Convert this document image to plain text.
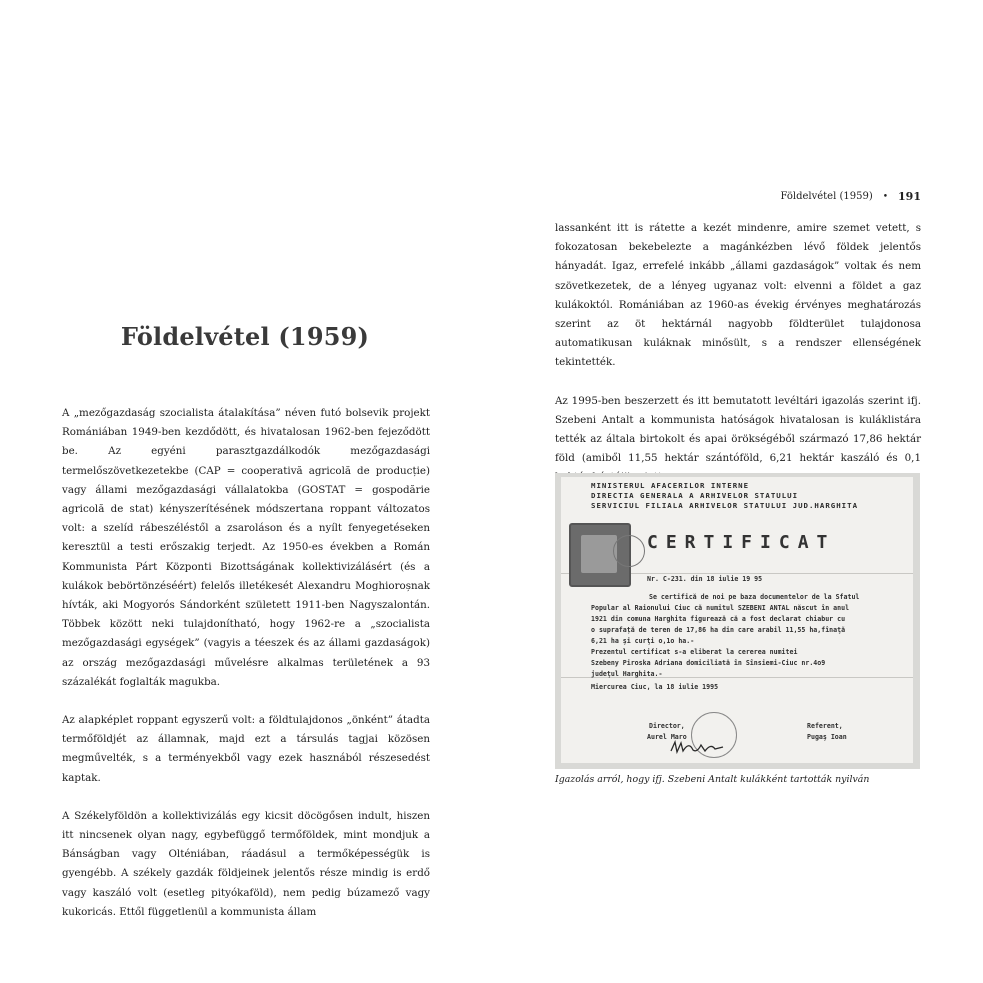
Földelvétel (1959) • 191
Földelvétel (1959)

A „mezőgazdaság szocialista átalakítása” néven futó bolsevik projekt Romániában 1949-ben kezdődött, és hivatalosan 1962-ben fejeződött be. Az egyéni parasztgazdálkodók mezőgazdasági termelőszövetkezetekbe (CAP = cooperativă agricolă de producție) vagy állami mezőgazdasági vállalatokba (GOSTAT = gospodărie agricolă de stat) kényszerítésének módszertana roppant változatos volt: a szelíd rábeszéléstől a zsaroláson és a nyílt fenyegetéseken keresztül a testi erőszakig terjedt. Az 1950-es években a Román Kommunista Párt Központi Bizottságának kollektivizálásért (és a kulákok bebörtönzéséért) felelős illetékesét Alexandru Moghioroșnak hívták, aki Mogyorós Sándorként született 1911-ben Nagyszalontán. Többek között neki tulajdonítható, hogy 1962-re a „szocialista mezőgazdasági egységek” (vagyis a téeszek és az állami gazdaságok) az ország mezőgazdasági művelésre alkalmas területének a 93 százalékát foglalták magukba.

Az alapképlet roppant egyszerű volt: a földtulajdonos „önként” átadta termőföldjét az államnak, majd ezt a társulás tagjai közösen megművelték, s a terményekből vagy ezek hasznából részesedést kaptak.

A Székelyföldön a kollektivizálás egy kicsit döcögősen indult, hiszen itt nincsenek olyan nagy, egybefüggő termőföldek, mint mondjuk a Bánságban vagy Olténiában, ráadásul a termőképességük is gyengébb. A székely gazdák földjeinek jelentős része mindig is erdő vagy kaszáló volt (esetleg pityókaföld), nem pedig búzamező vagy kukoricás. Ettől függetlenül a kommunista állam

lassanként itt is rátette a kezét mindenre, amire szemet vetett, s fokozatosan bekebelezte a magánkézben lévő földek jelentős hányadát. Igaz, errefelé inkább „állami gazdaságok” voltak és nem szövetkezetek, de a lényeg ugyanaz volt: elvenni a földet a gaz kulákoktól. Romániában az 1960-as évekig érvényes meghatározás szerint az öt hektárnál nagyobb földterület tulajdonosa automatikusan kuláknak minősült, s a rendszer ellenségének tekintették.

Az 1995-ben beszerzett és itt bemutatott levéltári igazolás szerint ifj. Szebeni Antalt a kommunista hatóságok hivatalosan is kuláklistára tették az általa birtokolt és apai örökségéből származó 17,86 hektár föld (amiből 11,55 hektár szántóföld, 6,21 hektár kaszáló és 0,1

MINISTERUL AFACERILOR INTERNE
DIRECTIA GENERALA A ARHIVELOR STATULUI
SERVICIUL FILIALA ARHIVELOR STATULUI JUD.HARGHITA
CERTIFICAT
Nr. C-231. din 18 iulie 19 95
Se certifică de noi pe baza documentelor de la Sfatul
Popular al Raionului Ciuc că numitul SZEBENI ANTAL născut în anul
1921 din comuna Harghita figurează că a fost declarat chiabur cu
o suprafață de teren de 17,86 ha din care arabil 11,55 ha,fînaţă
6,21 ha şi curţi o,1o ha.-
Prezentul certificat s-a eliberat la cererea numitei
Szebeny Piroska Adriana domiciliată în Sînsiemi-Ciuc nr.4o9
judeţul Harghita.-
Miercurea Ciuc, la 18 iulie 1995
Director,
Aurel Maro
Referent,
Pugaş Ioan
Igazolás arról, hogy ifj. Szebeni Antalt kulákként tartották nyilván
